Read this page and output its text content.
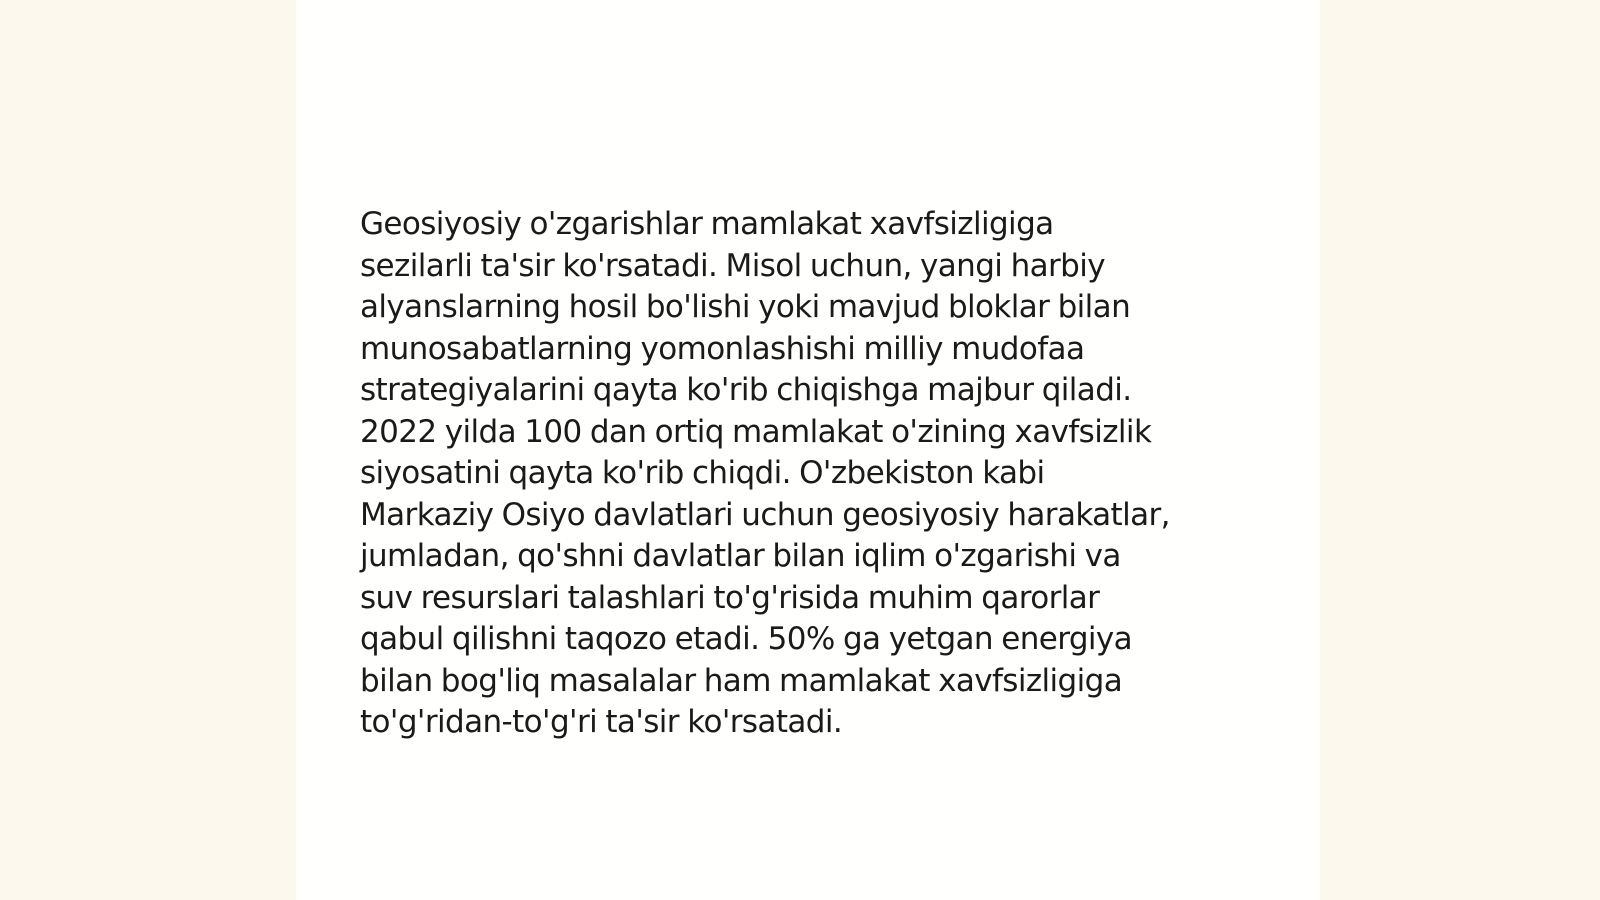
Geosiyosiy o'zgarishlar mamlakat xavfsizligiga
sezilarli ta'sir ko'rsatadi. Misol uchun, yangi harbiy
alyanslarning hosil bo'lishi yoki mavjud bloklar bilan
munosabatlarning yomonlashishi milliy mudofaa
strategiyalarini qayta ko'rib chiqishga majbur qiladi.
2022 yilda 100 dan ortiq mamlakat o'zining xavfsizlik
siyosatini qayta ko'rib chiqdi. O'zbekiston kabi
Markaziy Osiyo davlatlari uchun geosiyosiy harakatlar,
jumladan, qo'shni davlatlar bilan iqlim o'zgarishi va
suv resurslari talashlari to'g'risida muhim qarorlar
qabul qilishni taqozo etadi. 50% ga yetgan energiya
bilan bog'liq masalalar ham mamlakat xavfsizligiga
to'g'ridan-to'g'ri ta'sir ko'rsatadi.
